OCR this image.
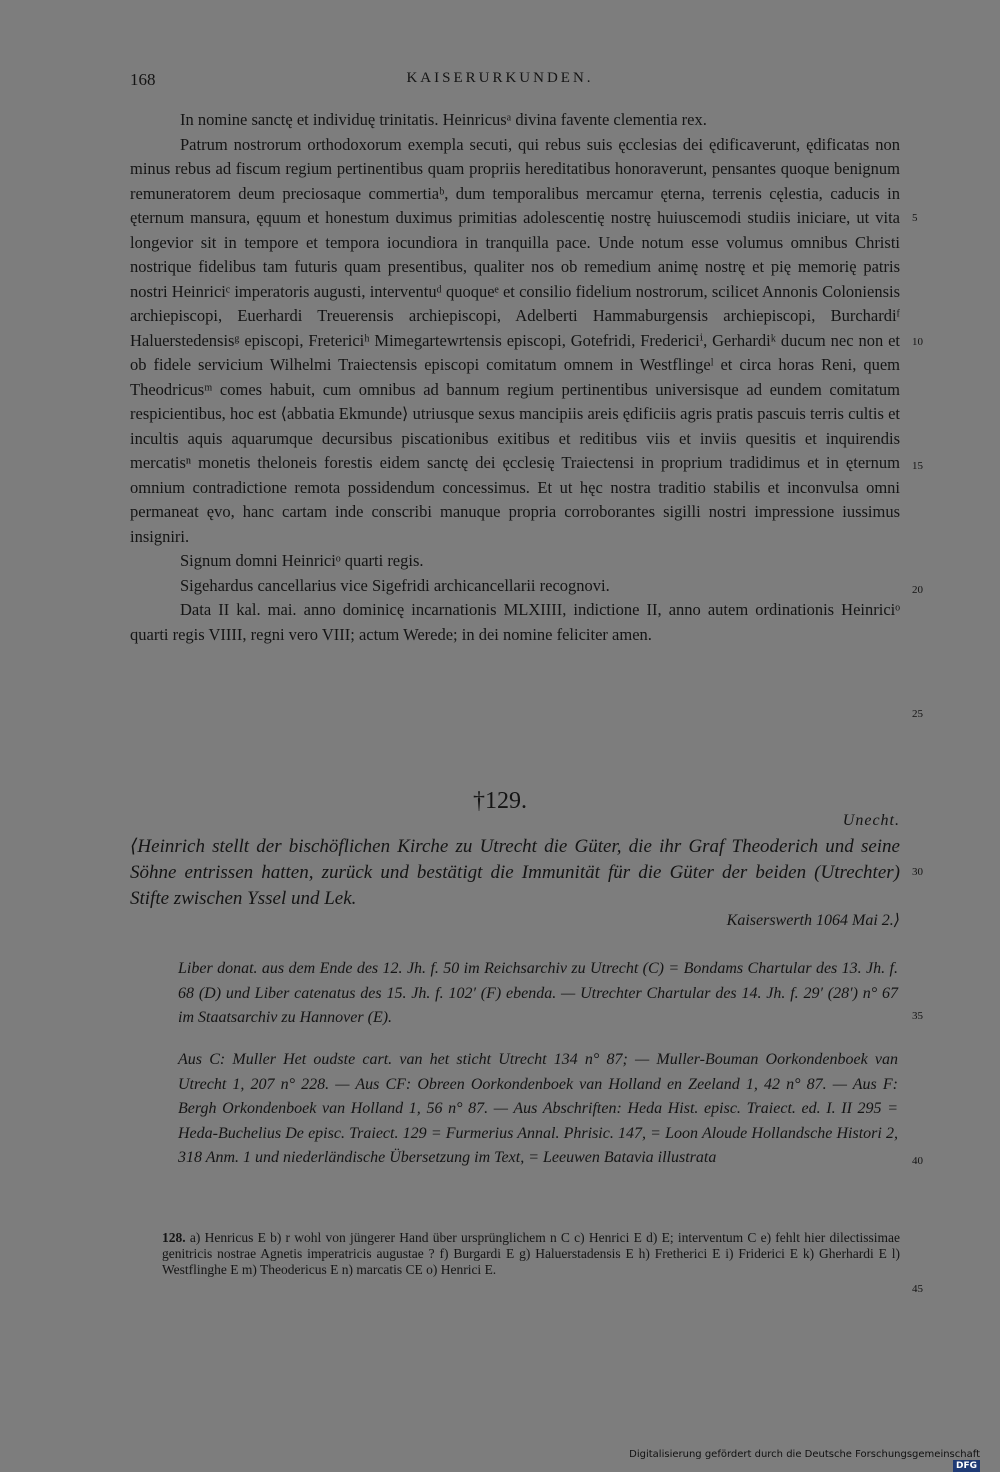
168	KAISERURKUNDEN.

In nomine sanctę et individuę trinitatis. Heinricusᵃ divina favente clementia rex.

Patrum nostrorum orthodoxorum exempla secuti, qui rebus suis ęcclesias dei ędificaverunt, ędificatas non minus rebus ad fiscum regium pertinentibus quam propriis hereditatibus honoraverunt, pensantes quoque benignum remuneratorem deum preciosaque commertiaᵇ, dum temporalibus mercamur ęterna, terrenis cęlestia, caducis in ęternum mansura, ęquum et honestum duximus primitias adolescentię nostrę huiuscemodi studiis iniciare, ut vita longevior sit in tempore et tempora iocundiora in tranquilla pace. Unde notum esse volumus omnibus Christi nostrique fidelibus tam futuris quam presentibus, qualiter nos ob remedium animę nostrę et pię memorię patris nostri Heinriciᶜ imperatoris augusti, interventuᵈ quoqueᵉ et consilio fidelium nostrorum, scilicet Annonis Coloniensis archiepiscopi, Euerhardi Treuerensis archiepiscopi, Adelberti Hammaburgensis archiepiscopi, Burchardiᶠ Haluerstedensisᵍ episcopi, Fretericiʰ Mimegartewrtensis episcopi, Gotefridi, Fredericiⁱ, Gerhardiᵏ ducum nec non et ob fidele servicium Wilhelmi Traiectensis episcopi comitatum omnem in Westflingeˡ et circa horas Reni, quem Theodricusᵐ comes habuit, cum omnibus ad bannum regium pertinentibus universisque ad eundem comitatum respicientibus, hoc est ⟨abbatia Ekmunde⟩ utriusque sexus mancipiis areis ędificiis agris pratis pascuis terris cultis et incultis aquis aquarumque decursibus piscationibus exitibus et reditibus viis et inviis quesitis et inquirendis mercatisⁿ monetis theloneis forestis eidem sanctę dei ęcclesię Traiectensi in proprium tradidimus et in ęternum omnium contradictione remota possidendum concessimus. Et ut hęc nostra traditio stabilis et inconvulsa omni permaneat ęvo, hanc cartam inde conscribi manuque propria corroborantes sigilli nostri impressione iussimus insigniri.

Signum domni Heinriciᵒ quarti regis.

Sigehardus cancellarius vice Sigefridi archicancellarii recognovi.

Data II kal. mai. anno dominicę incarnationis MLXIIII, indictione II, anno autem ordinationis Heinriciᵒ quarti regis VIIII, regni vero VIII; actum Werede; in dei nomine feliciter amen.

5
10
15
20
25
30
35
40
45
†129.
Unecht.
⟨Heinrich stellt der bischöflichen Kirche zu Utrecht die Güter, die ihr Graf Theoderich und seine Söhne entrissen hatten, zurück und bestätigt die Immunität für die Güter der beiden (Utrechter) Stifte zwischen Yssel und Lek.
Kaiserswerth 1064 Mai 2.⟩
Liber donat. aus dem Ende des 12. Jh. f. 50 im Reichsarchiv zu Utrecht (C) = Bondams Chartular des 13. Jh. f. 68 (D) und Liber catenatus des 15. Jh. f. 102′ (F) ebenda. — Utrechter Chartular des 14. Jh. f. 29′ (28′) n° 67 im Staatsarchiv zu Hannover (E).
Aus C: Muller Het oudste cart. van het sticht Utrecht 134 n° 87; — Muller-Bouman Oorkondenboek van Utrecht 1, 207 n° 228. — Aus CF: Obreen Oorkondenboek van Holland en Zeeland 1, 42 n° 87. — Aus F: Bergh Orkondenboek van Holland 1, 56 n° 87. — Aus Abschriften: Heda Hist. episc. Traiect. ed. I. II 295 = Heda-Buchelius De episc. Traiect. 129 = Furmerius Annal. Phrisic. 147, = Loon Aloude Hollandsche Histori 2, 318 Anm. 1 und niederländische Übersetzung im Text, = Leeuwen Batavia illustrata
128. a) Henricus E b) r wohl von jüngerer Hand über ursprünglichem n C c) Henrici E d) E; interventum C e) fehlt hier dilectissimae genitricis nostrae Agnetis imperatricis augustae ? f) Burgardi E g) Haluerstadensis E h) Fretherici E i) Friderici E k) Gherhardi E l) Westflinghe E m) Theodericus E n) marcatis CE o) Henrici E.
Digitalisierung gefördert durch die Deutsche Forschungsgemeinschaft DFG
